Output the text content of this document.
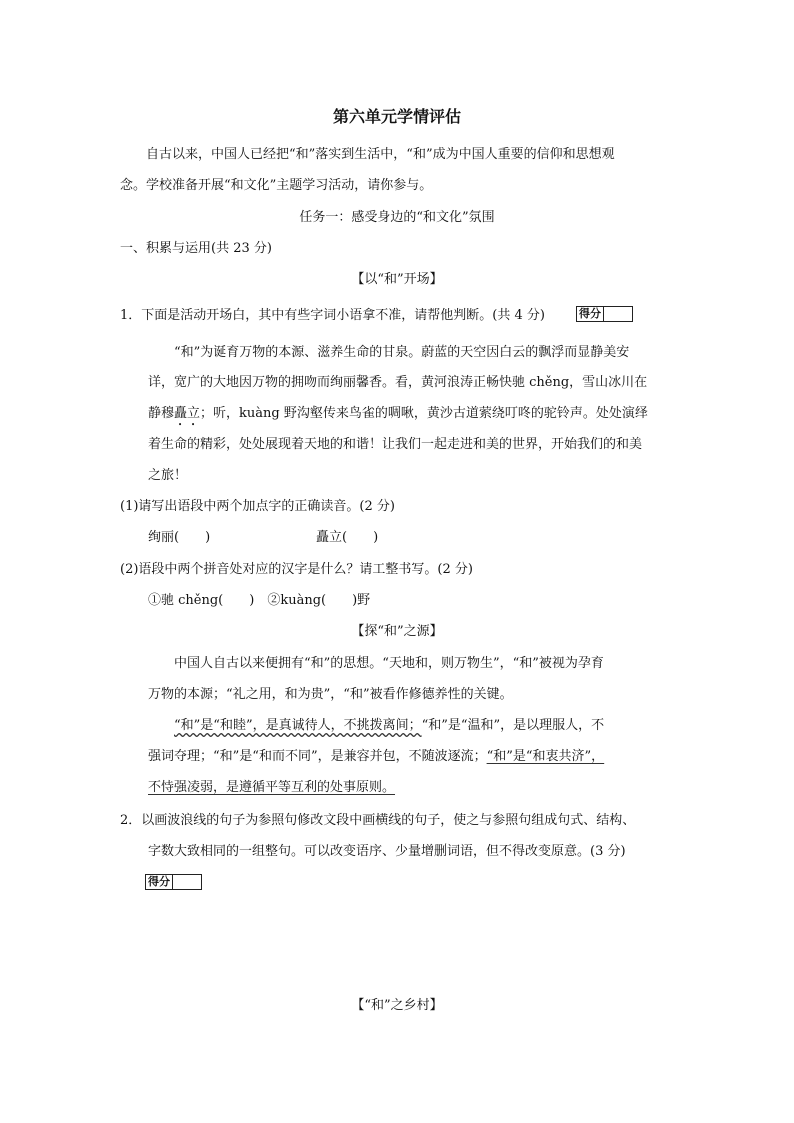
第六单元学情评估
自古以来，中国人已经把“和”落实到生活中，“和”成为中国人重要的信仰和思想观
念。学校准备开展“和文化”主题学习活动，请你参与。
任务一：感受身边的“和文化”氛围
一、积累与运用(共 23 分)
【以“和”开场】
1．下面是活动开场白，其中有些字词小语拿不准，请帮他判断。(共 4 分)	得分
“和”为诞育万物的本源、滋养生命的甘泉。蔚蓝的天空因白云的飘浮而显静美安
详，宽广的大地因万物的拥吻而绚丽馨香。看，黄河浪涛正畅快驰 chěng，雪山冰川在
静穆矗立；听，kuàng 野沟壑传来鸟雀的啁啾，黄沙古道萦绕叮咚的驼铃声。处处演绎
着生命的精彩，处处展现着天地的和谐！让我们一起走进和美的世界，开始我们的和美
之旅！
(1)请写出语段中两个加点字的正确读音。(2 分)
绚丽(　　)	矗立(　　)
(2)语段中两个拼音处对应的汉字是什么？请工整书写。(2 分)
①驰 chěng(　　)　②kuàng(　　)野
【探“和”之源】
中国人自古以来便拥有“和”的思想。“天地和，则万物生”，“和”被视为孕育
万物的本源；“礼之用，和为贵”，“和”被看作修德养性的关键。
“和”是“和睦”，是真诚待人，不挑拨离间；“和”是“温和”，是以理服人，不
强词夺理；“和”是“和而不同”，是兼容并包，不随波逐流；“和”是“和衷共济”，
不恃强凌弱，是遵循平等互利的处事原则。
2．以画波浪线的句子为参照句修改文段中画横线的句子，使之与参照句组成句式、结构、
字数大致相同的一组整句。可以改变语序、少量增删词语，但不得改变原意。(3 分)
得分
【“和”之乡村】
